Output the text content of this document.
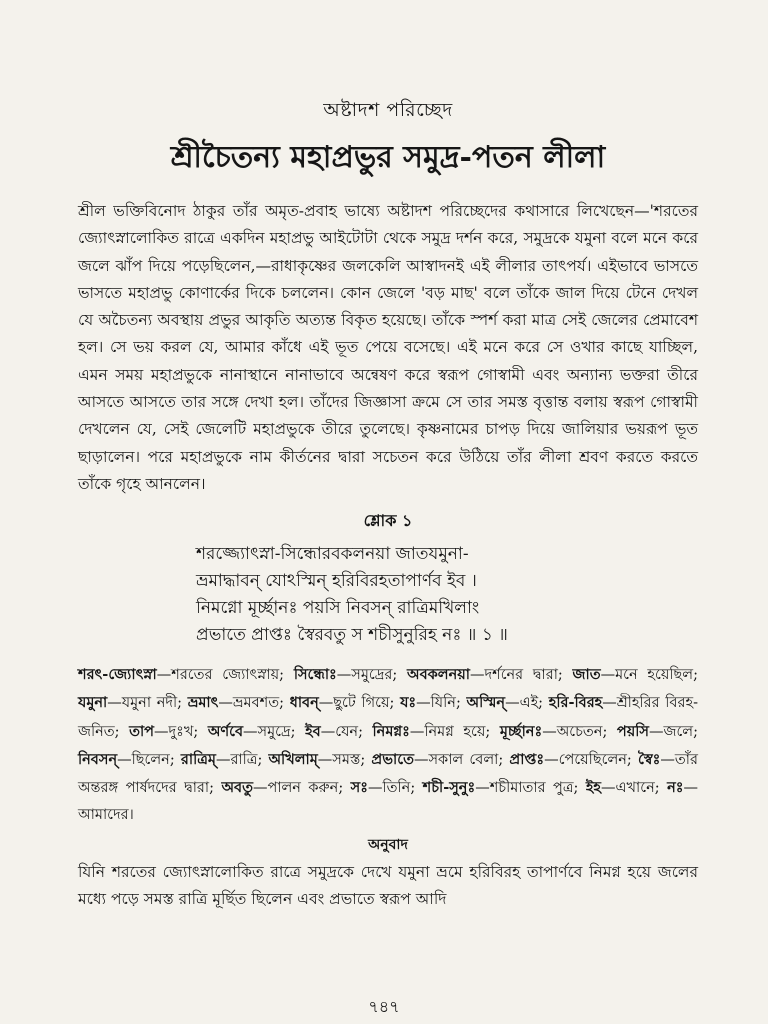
অষ্টাদশ পরিচ্ছেদ
শ্রীচৈতন্য মহাপ্রভুর সমুদ্র-পতন লীলা

শ্রীল ভক্তিবিনোদ ঠাকুর তাঁর অমৃত-প্রবাহ ভাষ্যে অষ্টাদশ পরিচ্ছেদের কথাসারে লিখেছেন—'শরতের জ্যোৎস্নালোকিত রাত্রে একদিন মহাপ্রভু আইটোটা থেকে সমুদ্র দর্শন করে, সমুদ্রকে যমুনা বলে মনে করে জলে ঝাঁপ দিয়ে পড়েছিলেন,—রাধাকৃষ্ণের জলকেলি আস্বাদনই এই লীলার তাৎপর্য। এইভাবে ভাসতে ভাসতে মহাপ্রভু কোণার্কের দিকে চললেন। কোন জেলে 'বড় মাছ' বলে তাঁকে জাল দিয়ে টেনে দেখল যে অচৈতন্য অবস্থায় প্রভুর আকৃতি অত্যন্ত বিকৃত হয়েছে। তাঁকে স্পর্শ করা মাত্র সেই জেলের প্রেমাবেশ হল। সে ভয় করল যে, আমার কাঁধে এই ভূত পেয়ে বসেছে। এই মনে করে সে ওখার কাছে যাচ্ছিল, এমন সময় মহাপ্রভুকে নানাস্থানে নানাভাবে অন্বেষণ করে স্বরূপ গোস্বামী এবং অন্যান্য ভক্তরা তীরে আসতে আসতে তার সঙ্গে দেখা হল। তাঁদের জিজ্ঞাসা ক্রমে সে তার সমস্ত বৃত্তান্ত বলায় স্বরূপ গোস্বামী দেখলেন যে, সেই জেলেটি মহাপ্রভুকে তীরে তুলেছে। কৃষ্ণনামের চাপড় দিয়ে জালিয়ার ভয়রূপ ভূত ছাড়ালেন। পরে মহাপ্রভুকে নাম কীর্তনের দ্বারা সচেতন করে উঠিয়ে তাঁর লীলা শ্রবণ করতে করতে তাঁকে গৃহে আনলেন।

শ্লোক ১
শরজ্জ্যোৎস্না-সিন্ধোরবকলনয়া জাতযমুনা-
ভ্রমাদ্ধাবন্ যোঽস্মিন্ হরিবিরহতাপার্ণব ইব ।
নিমগ্নো মূর্চ্ছানঃ পয়সি নিবসন্ রাত্রিমখিলাং
প্রভাতে প্রাপ্তঃ স্বৈরবতু স শচীসুনুরিহ নঃ ॥ ১ ॥

শরৎ-জ্যোৎস্না—শরতের জ্যোৎস্নায়; সিন্ধোঃ—সমুদ্রের; অবকলনয়া—দর্শনের দ্বারা; জাত—মনে হয়েছিল; যমুনা—যমুনা নদী; ভ্রমাৎ—ভ্রমবশত; ধাবন্—ছুটে গিয়ে; যঃ—যিনি; অস্মিন্—এই; হরি-বিরহ—শ্রীহরির বিরহ-জনিত; তাপ—দুঃখ; অর্ণবে—সমুদ্রে; ইব—যেন; নিমগ্নঃ—নিমগ্ন হয়ে; মূর্চ্ছানঃ—অচেতন; পয়সি—জলে; নিবসন্—ছিলেন; রাত্রিম্—রাত্রি; অখিলাম্—সমস্ত; প্রভাতে—সকাল বেলা; প্রাপ্তঃ—পেয়েছিলেন; স্বৈঃ—তাঁর অন্তরঙ্গ পার্ষদদের দ্বারা; অবতু—পালন করুন; সঃ—তিনি; শচী-সুনুঃ—শচীমাতার পুত্র; ইহ—এখানে; নঃ—আমাদের।

অনুবাদ

যিনি শরতের জ্যোৎস্নালোকিত রাত্রে সমুদ্রকে দেখে যমুনা ভ্রমে হরিবিরহ তাপার্ণবে নিমগ্ন হয়ে জলের মধ্যে পড়ে সমস্ত রাত্রি মূর্ছিত ছিলেন এবং প্রভাতে স্বরূপ আদি

৭৪৭
